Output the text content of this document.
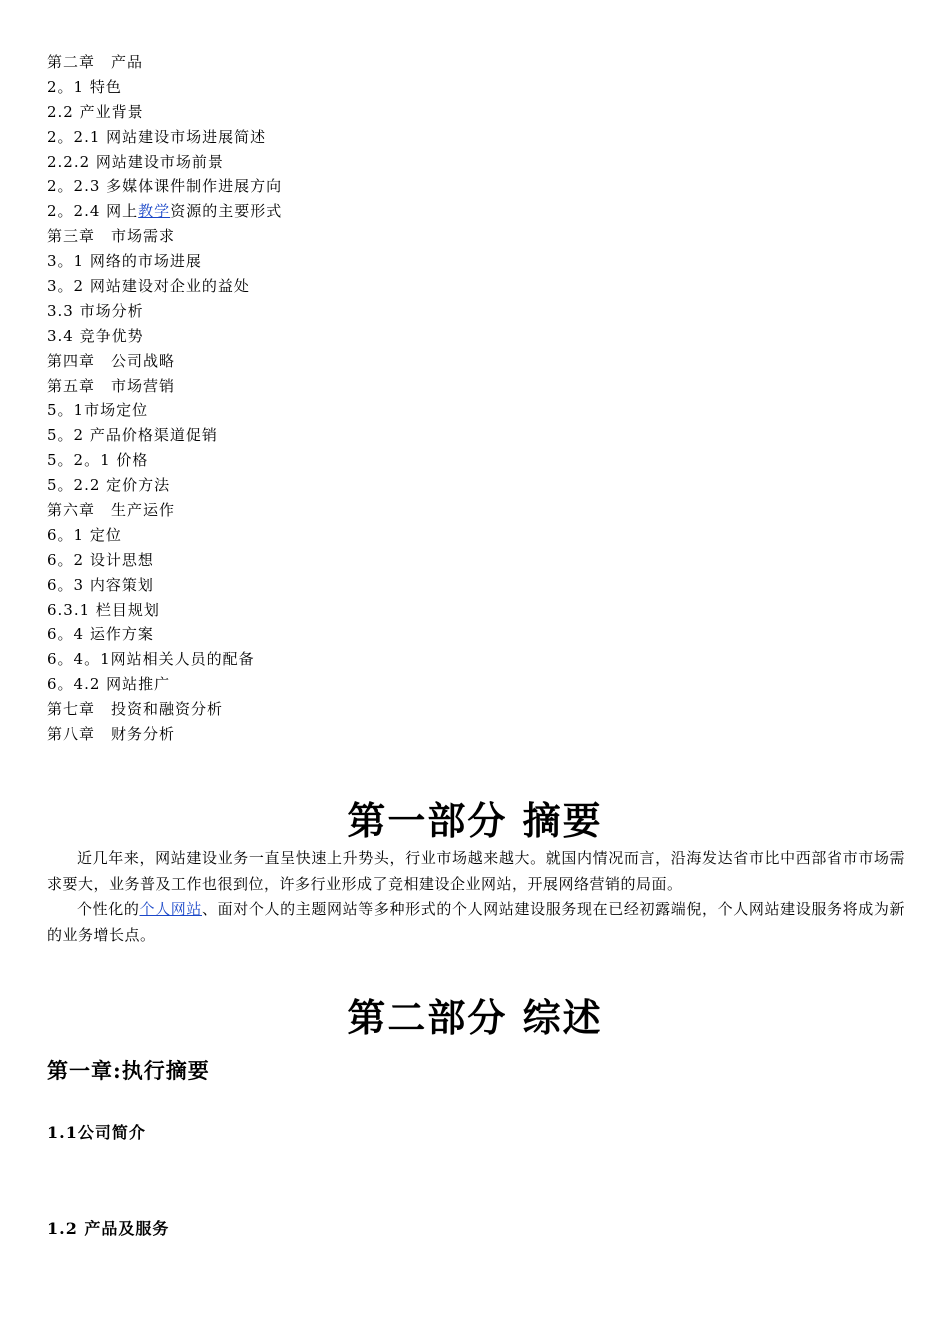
第二章　产品
2。1 特色
2.2 产业背景
2。2.1 网站建设市场进展简述
2.2.2 网站建设市场前景
2。2.3 多媒体课件制作进展方向
2。2.4 网上教学资源的主要形式
第三章　市场需求
3。1 网络的市场进展
3。2 网站建设对企业的益处
3.3 市场分析
3.4 竞争优势
第四章　公司战略
第五章　市场营销
5。1市场定位
5。2 产品价格渠道促销
5。2。1 价格
5。2.2 定价方法
第六章　生产运作
6。1 定位
6。2 设计思想
6。3 内容策划
6.3.1 栏目规划
6。4 运作方案
6。4。1网站相关人员的配备
6。4.2 网站推广
第七章　投资和融资分析
第八章　财务分析
第一部分 摘要

近几年来，网站建设业务一直呈快速上升势头，行业市场越来越大。就国内情况而言，沿海发达省市比中西部省市市场需求要大，业务普及工作也很到位，许多行业形成了竞相建设企业网站，开展网络营销的局面。

个性化的个人网站、面对个人的主题网站等多种形式的个人网站建设服务现在已经初露端倪，个人网站建设服务将成为新的业务增长点。

第二部分 综述
第一章:执行摘要
1.1公司简介
1.2 产品及服务
